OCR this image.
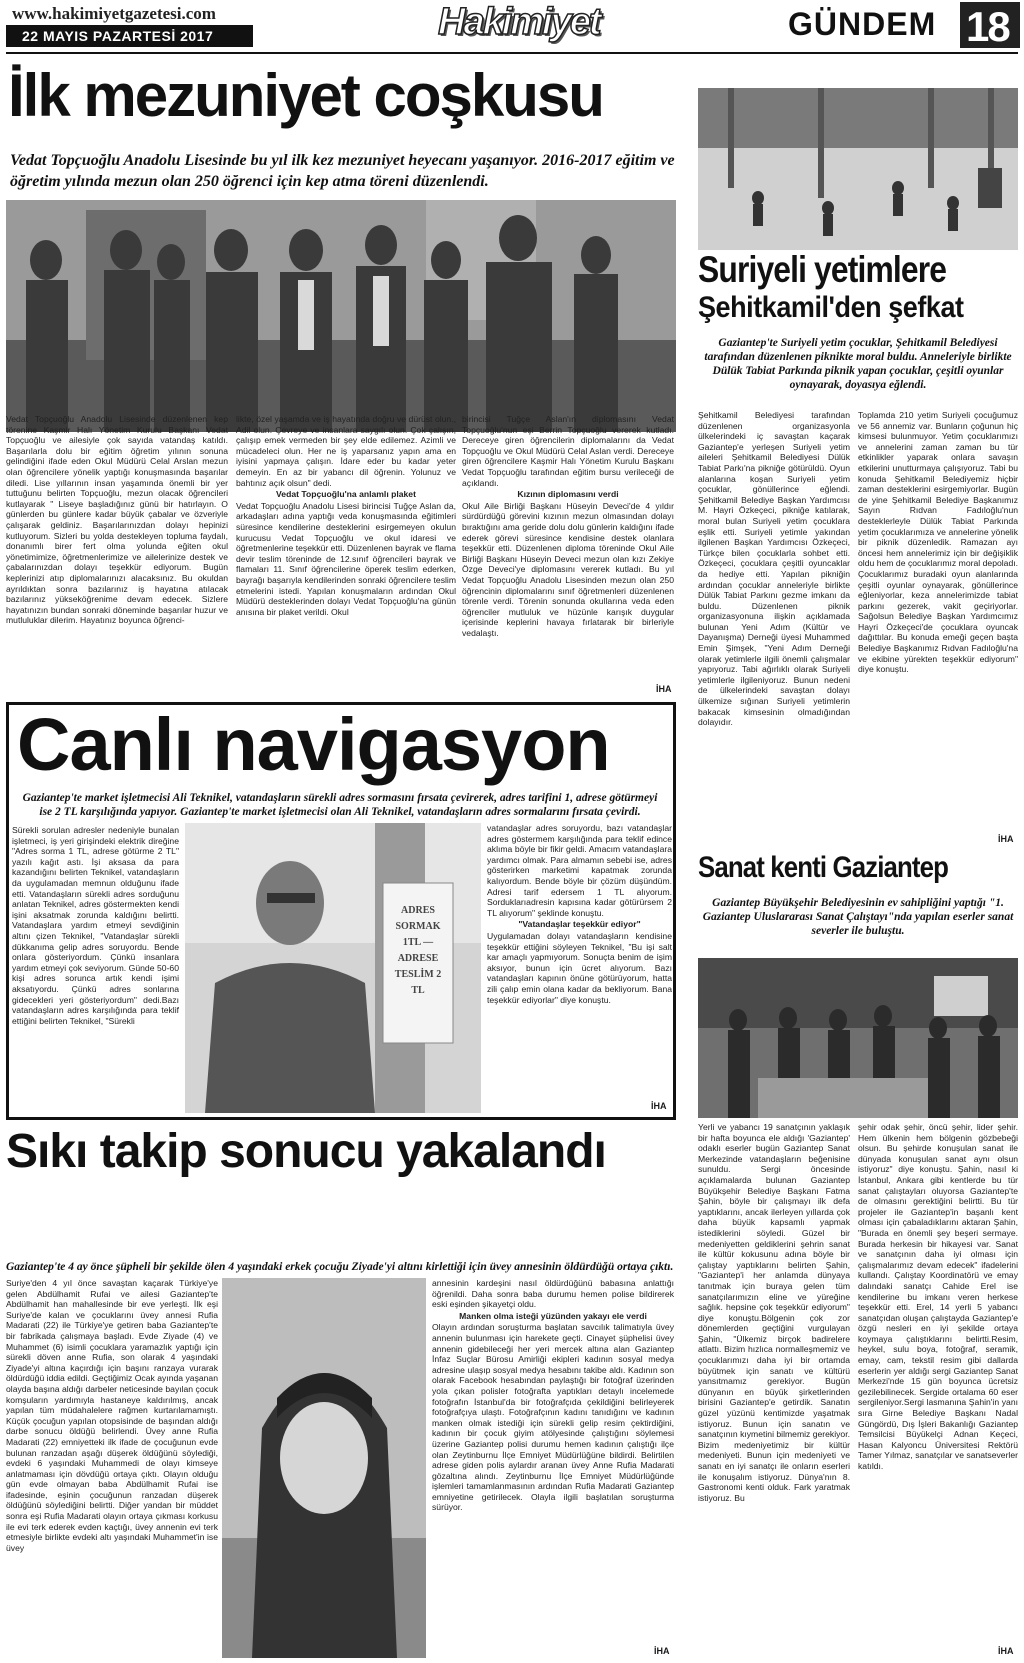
www.hakimiyetgazetesi.com
22 MAYIS PAZARTESİ 2017	Hakimiyet	GÜNDEM 18
İlk mezuniyet coşkusu
Vedat Topçuoğlu Anadolu Lisesinde bu yıl ilk kez mezuniyet heyecanı yaşanıyor. 2016-2017 eğitim ve öğretim yılında mezun olan 250 öğrenci için kep atma töreni düzenlendi.

Vedat Topçuoğlu Anadolu Lisesinde düzenlenen kep törenine Kaşmir Halı Yönetim Kurulu Başkanı Vedat Topçuoğlu ve ailesiyle çok sayıda vatandaş katıldı. Başarılarla dolu bir eğitim öğretim yılının sonuna gelindiğini ifade eden Okul Müdürü Celal Arslan mezun olan öğrencilere yönelik yaptığı konuşmasında başarılar diledi. Lise yıllarının insan yaşamında önemli bir yer tuttuğunu belirten Topçuoğlu, mezun olacak öğrencileri kutlayarak " Liseye başladığınız günü bir hatırlayın. O günlerden bu günlere kadar büyük çabalar ve özveriyle çalışarak geldiniz. Başarılarınızdan dolayı hepinizi kutluyorum. Sizleri bu yolda destekleyen topluma faydalı, donanımlı birer fert olma yolunda eğiten okul yönetimimize, öğretmenlerimize ve ailelerinize destek ve çabalarınızdan dolayı teşekkür ediyorum. Bugün keplerinizi atıp diplomalarınızı alacaksınız. Bu okuldan ayrıldıktan sonra bazılarınız iş hayatına atılacak bazılarınız yükseköğrenime devam edecek. Sizlere hayatınızın bundan sonraki döneminde başarılar huzur ve mutluluklar dilerim. Hayatınız boyunca öğrenci-

likte, özel yaşamda ve iş hayatında doğru ve dürüst olun., Adil olun. Çevreye ve insanlara saygılı olun. Çok çalışın, çalışıp emek vermeden bir şey elde edilemez. Azimli ve mücadeleci olun. Her ne iş yaparsanız yapın ama en iyisini yapmaya çalışın. İdare eder bu kadar yeter demeyin. En az bir yabancı dil öğrenin. Yolunuz ve bahtınız açık olsun" dedi.

Vedat Topçuoğlu'na anlamlı plaket

Vedat Topçuoğlu Anadolu Lisesi birincisi Tuğçe Aslan da, arkadaşları adına yaptığı veda konuşmasında eğitimleri süresince kendilerine desteklerini esirgemeyen okulun kurucusu Vedat Topçuoğlu ve okul idaresi ve öğretmenlerine teşekkür etti. Düzenlenen bayrak ve flama devir teslim töreninde de 12.sınıf öğrencileri bayrak ve flamaları 11. Sınıf öğrencilerine öperek teslim ederken, bayrağı başarıyla kendilerinden sonraki öğrencilere teslim etmelerini istedi. Yapılan konuşmaların ardından Okul Müdürü desteklerinden dolayı Vedat Topçuoğlu'na günün anısına bir plaket verildi. Okul

birincisi Tuğçe Aslan'ın diplomasını Vedat Topçuoğlu'nun eşi Berrin Topçuoğlu vererek kutladı. Dereceye giren öğrencilerin diplomalarını da Vedat Topçuoğlu ve Okul Müdürü Celal Aslan verdi. Dereceye giren öğrencilere Kaşmir Halı Yönetim Kurulu Başkanı Vedat Topçuoğlu tarafından eğitim bursu verileceği de açıklandı.

Kızının diplomasını verdi

Okul Aile Birliği Başkanı Hüseyin Deveci'de 4 yıldır sürdürdüğü görevini kızının mezun olmasından dolayı bıraktığını ama geride dolu dolu günlerin kaldığını ifade ederek görevi süresince kendisine destek olanlara teşekkür etti. Düzenlenen diploma töreninde Okul Aile Birliği Başkanı Hüseyin Deveci mezun olan kızı Zekiye Özge Deveci'ye diplomasını vererek kutladı. Bu yıl Vedat Topçuoğlu Anadolu Lisesinden mezun olan 250 öğrencinin diplomalarını sınıf öğretmenleri düzenlenen törenle verdi. Törenin sonunda okullarına veda eden öğrenciler mutluluk ve hüzünle karışık duygular içerisinde keplerini havaya fırlatarak bir birleriyle vedalaştı.

İHA
Canlı navigasyon
Gaziantep'te market işletmecisi Ali Teknikel, vatandaşların sürekli adres sormasını fırsata çevirerek, adres tarifini 1, adrese götürmeyi ise 2 TL karşılığında yapıyor. Gaziantep'te market işletmecisi olan Ali Teknikel, vatandaşların adres sormalarını fırsata çevirdi.

Sürekli sorulan adresler nedeniyle bunalan işletmeci, iş yeri girişindeki elektrik direğine "Adres sorma 1 TL, adrese götürme 2 TL" yazılı kağıt astı. İşi aksasa da para kazandığını belirten Teknikel, vatandaşların da uygulamadan memnun olduğunu ifade etti. Vatandaşların sürekli adres sorduğunu anlatan Teknikel, adres göstermekten kendi işini aksatmak zorunda kaldığını belirtti. Vatandaşlara yardım etmeyi sevdiğinin altını çizen Teknikel, "Vatandaşlar sürekli dükkanıma gelip adres soruyordu. Bende onlara gösteriyordum. Çünkü insanlara yardım etmeyi çok seviyorum. Günde 50-60 kişi adres sorunca artık kendi işimi aksatıyordu. Çünkü adres sonlarına gidecekleri yeri gösteriyordum" dedi.Bazı vatandaşların adres karşılığında para teklif ettiğini belirten Teknikel, "Sürekli

ADRES SORMAK 1TL — ADRESE TESLİM 2 TL

vatandaşlar adres soruyordu, bazı vatandaşlar adres göstermem karşılığında para teklif edince aklıma böyle bir fikir geldi. Amacım vatandaşlara yardımcı olmak. Para almamın sebebi ise, adres gösterirken marketimi kapatmak zorunda kalıyordum. Bende böyle bir çözüm düşündüm. Adresi tarif edersem 1 TL alıyorum. Sorduklarıadresin kapısına kadar götürürsem 2 TL alıyorum" şeklinde konuştu.

"Vatandaşlar teşekkür ediyor"

Uygulamadan dolayı vatandaşların kendisine teşekkür ettiğini söyleyen Teknikel, "Bu işi salt kar amaçlı yapmıyorum. Sonuçta benim de işim aksıyor, bunun için ücret alıyorum. Bazı vatandaşları kapının önüne götürüyorum, hatta zili çalıp emin olana kadar da bekliyorum. Bana teşekkür ediyorlar" diye konuştu.

İHA
Sıkı takip sonucu yakalandı
Gaziantep'te 4 ay önce şüpheli bir şekilde ölen 4 yaşındaki erkek çocuğu Ziyade'yi altını kirlettiği için üvey annesinin öldürdüğü ortaya çıktı.

Suriye'den 4 yıl önce savaştan kaçarak Türkiye'ye gelen Abdülhamit Rufai ve ailesi Gaziantep'te Abdülhamit han mahallesinde bir eve yerleşti. İlk eşi Suriye'de kalan ve çocuklarını üvey annesi Rufia Madarati (22) ile Türkiye'ye getiren baba Gaziantep'te bir fabrikada çalışmaya başladı. Evde Ziyade (4) ve Muhammet (6) isimli çocuklara yaramazlık yaptığı için sürekli döven anne Rufia, son olarak 4 yaşındaki Ziyade'yi altına kaçırdığı için başını ranzaya vurarak öldürdüğü iddia edildi. Geçtiğimiz Ocak ayında yaşanan olayda başına aldığı darbeler neticesinde bayılan çocuk komşuların yardımıyla hastaneye kaldırılmış, ancak yapılan tüm müdahalelere rağmen kurtarılamamıştı. Küçük çocuğun yapılan otopsisinde de başından aldığı darbe sonucu öldüğü belirlendi. Üvey anne Rufia Madarati (22) emniyetteki ilk ifade de çocuğunun evde bulunan ranzadan aşağı düşerek öldüğünü söylediği, evdeki 6 yaşındaki Muhammedi de olayı kimseye anlatmaması için dövdüğü ortaya çıktı. Olayın olduğu gün evde olmayan baba Abdülhamit Rufai ise ifadesinde, eşinin çocuğunun ranzadan düşerek öldüğünü söylediğini belirtti. Diğer yandan bir müddet sonra eşi Rufia Madarati olayın ortaya çıkması korkusu ile evi terk ederek evden kaçtığı, üvey annenin evi terk etmesiyle birlikte evdeki altı yaşındaki Muhammet'in ise üvey

annesinin kardeşini nasıl öldürdüğünü babasına anlattığı öğrenildi. Daha sonra baba durumu hemen polise bildirerek eski eşinden şikayetçi oldu.

Manken olma isteği yüzünden yakayı ele verdi

Olayın ardından soruşturma başlatan savcılık talimatıyla üvey annenin bulunması için harekete geçti. Cinayet şüphelisi üvey annenin gidebileceği her yeri mercek altına alan Gaziantep İnfaz Suçlar Bürosu Amirliği ekipleri kadının sosyal medya adresine ulaşıp sosyal medya hesabını takibe aldı. Kadının son olarak Facebook hesabından paylaştığı bir fotoğraf üzerinden yola çıkan polisler fotoğrafta yaptıkları detaylı incelemede fotoğrafın İstanbul'da bir fotoğrafçıda çekildiğini belirleyerek fotoğrafçıya ulaştı. Fotoğrafçının kadını tanıdığını ve kadının manken olmak istediği için sürekli gelip resim çektirdiğini, kadının bir çocuk giyim atölyesinde çalıştığını söylemesi üzerine Gaziantep polisi durumu hemen kadının çalıştığı ilçe olan Zeytinburnu İlçe Emniyet Müdürlüğüne bildirdi. Belirtilen adrese giden polis aylardır aranan üvey Anne Rufia Madarati gözaltına alındı. Zeytinburnu İlçe Emniyet Müdürlüğünde işlemleri tamamlanmasının ardından Rufia Madarati Gaziantep emniyetine getirilecek. Olayla ilgili başlatılan soruşturma sürüyor.

İHA
Suriyeli yetimlere
Şehitkamil'den şefkat
Gaziantep'te Suriyeli yetim çocuklar, Şehitkamil Belediyesi tarafından düzenlenen piknikte moral buldu. Anneleriyle birlikte Dülük Tabiat Parkında piknik yapan çocuklar, çeşitli oyunlar oynayarak, doyasıya eğlendi.

Şehitkamil Belediyesi tarafından düzenlenen organizasyonla ülkelerindeki iç savaştan kaçarak Gaziantep'e yerleşen Suriyeli yetim aileleri Şehitkamil Belediyesi Dülük Tabiat Parkı'na pikniğe götürüldü. Oyun alanlarına koşan Suriyeli yetim çocuklar, gönüllerince eğlendi. Şehitkamil Belediye Başkan Yardımcısı M. Hayri Özkeçeci, pikniğe katılarak, moral bulan Suriyeli yetim çocuklara eşlik etti. Suriyeli yetimle yakından ilgilenen Başkan Yardımcısı Özkeçeci, Türkçe bilen çocuklarla sohbet etti. Özkeçeci, çocuklara çeşitli oyuncaklar da hediye etti. Yapılan pikniğin ardından çocuklar anneleriyle birlikte Dülük Tabiat Parkını gezme imkanı da buldu. Düzenlenen piknik organizasyonuna ilişkin açıklamada bulunan Yeni Adım (Kültür ve Dayanışma) Derneği üyesi Muhammed Emin Şimşek, "Yeni Adım Derneği olarak yetimlerle ilgili önemli çalışmalar yapıyoruz. Tabi ağırlıklı olarak Suriyeli yetimlerle ilgileniyoruz. Bunun nedeni de ülkelerindeki savaştan dolayı ülkemize sığınan Suriyeli yetimlerin bakacak kimsesinin olmadığından dolayıdır.

Toplamda 210 yetim Suriyeli çocuğumuz ve 56 annemiz var. Bunların çoğunun hiç kimsesi bulunmuyor. Yetim çocuklarımızı ve annelerini zaman zaman bu tür etkinlikler yaparak onlara savaşın etkilerini unutturmaya çalışıyoruz. Tabi bu konuda Şehitkamil Belediyemiz hiçbir zaman desteklerini esirgemiyorlar. Bugün de yine Şehitkamil Belediye Başkanımız Sayın Rıdvan Fadıloğlu'nun desteklerleyle Dülük Tabiat Parkında yetim çocuklarımıza ve annelerine yönelik bir piknik düzenledik. Ramazan ayı öncesi hem annelerimiz için bir değişiklik oldu hem de çocuklarımız moral depoladı. Çocuklarımız buradaki oyun alanlarında çeşitli oyunlar oynayarak, gönüllerince eğleniyorlar, keza annelerimizde tabiat parkını gezerek, vakit geçiriyorlar. Sağolsun Belediye Başkan Yardımcımız Hayri Özkeçeci'de çocuklara oyuncak dağıttılar. Bu konuda emeği geçen başta Belediye Başkanımız Rıdvan Fadıloğlu'na ve ekibine yürekten teşekkür ediyorum" diye konuştu.

İHA
Sanat kenti Gaziantep
Gaziantep Büyükşehir Belediyesinin ev sahipliğini yaptığı "1. Gaziantep Uluslararası Sanat Çalıştayı"nda yapılan eserler sanat severler ile buluştu.

Yerli ve yabancı 19 sanatçının yaklaşık bir hafta boyunca ele aldığı 'Gaziantep' odaklı eserler bugün Gaziantep Sanat Merkezinde vatandaşların beğenisine sunuldu. Sergi öncesinde açıklamalarda bulunan Gaziantep Büyükşehir Belediye Başkanı Fatma Şahin, böyle bir çalışmayı ilk defa yaptıklarını, ancak ilerleyen yıllarda çok daha büyük kapsamlı yapmak istediklerini söyledi. Güzel bir medeniyetten geldiklerini şehrin sanat ile kültür kokusunu adına böyle bir çalıştay yaptıklarını belirten Şahin, "Gaziantep'i her anlamda dünyaya tanıtmak için buraya gelen tüm sanatçılarımızın eline ve yüreğine sağlık. hepsine çok teşekkür ediyorum" diye konuştu.Bölgenin çok zor dönemlerden geçtiğini vurgulayan Şahin, "Ülkemiz birçok badirelere atlattı. Bizim hızlıca normalleşmemiz ve çocuklarımızı daha iyi bir ortamda büyütmek için sanatı ve kültürü yansıtmamız gerekiyor. Bugün dünyanın en büyük şirketlerinden birisini Gaziantep'e getirdik. Sanatın güzel yüzünü kentimizde yaşatmak istiyoruz. Bunun için sanatın ve sanatçının kıymetini bilmemiz gerekiyor. Bizim medeniyetimiz bir kültür medeniyeti. Bunun için medeniyeti ve sanatı en iyi sanatçı ile onların eserleri ile konuşalım istiyoruz. Dünya'nın 8. Gastronomi kenti olduk. Fark yaratmak istiyoruz. Bu

şehir odak şehir, öncü şehir, lider şehir. Hem ülkenin hem bölgenin gözbebeği olsun. Bu şehirde konuşulan sanat ile dünyada konuşulan sanat aynı olsun istiyoruz" diye konuştu. Şahin, nasıl ki İstanbul, Ankara gibi kentlerde bu tür sanat çalıştayları oluyorsa Gaziantep'te de olmasını gerektiğini belirtti. Bu tür projeler ile Gaziantep'in başanlı kent olması için çabaladıklarını aktaran Şahin, "Burada en önemli şey beşeri sermaye. Burada herkesin bir hikayesi var. Sanat ve sanatçının daha iyi olması için çalışmalarımız devam edecek" ifadelerini kullandı. Çalıştay Koordinatörü ve emay dalındaki sanatçı Cahide Erel ise kendilerine bu imkanı veren herkese teşekkür etti. Erel, 14 yerli 5 yabancı sanatçıdan oluşan çalıştayda Gaziantep'e özgü nesleri en iyi şekilde ortaya koymaya çalıştıklarını belirtti.Resim, heykel, sulu boya, fotoğraf, seramik, emay, cam, tekstil resim gibi dallarda eserlerin yer aldığı sergi Gaziantep Sanat Merkezi'nde 15 gün boyunca ücretsiz gezilebilinecek. Sergide ortalama 60 eser sergileniyor.Sergi lasmanına Şahin'in yanı sıra Girne Belediye Başkanı Nadal Güngördü, Dış İşleri Bakanlığı Gaziantep Temsilcisi Büyükelçi Adnan Keçeci, Hasan Kalyoncu Üniversitesi Rektörü Tamer Yılmaz, sanatçılar ve sanatseverler katıldı.

İHA
